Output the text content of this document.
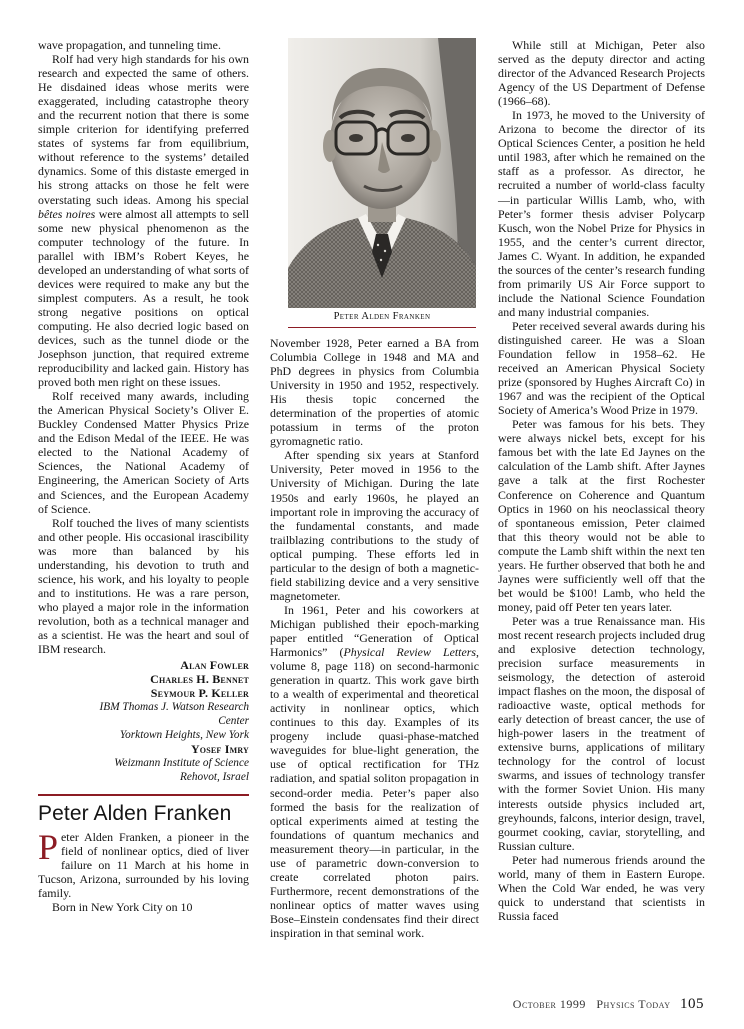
wave propagation, and tunneling time.

Rolf had very high standards for his own research and expected the same of others. He disdained ideas whose merits were exaggerated, including catastrophe theory and the recurrent notion that there is some simple criterion for identifying preferred states of systems far from equilibrium, without reference to the systems’ detailed dynamics. Some of this distaste emerged in his strong attacks on those he felt were overstating such ideas. Among his special bêtes noires were almost all attempts to sell some new physical phenomenon as the computer technology of the future. In parallel with IBM’s Robert Keyes, he developed an understanding of what sorts of devices were required to make any but the simplest computers. As a result, he took strong negative positions on optical computing. He also decried logic based on devices, such as the tunnel diode or the Josephson junction, that required extreme reproducibility and lacked gain. History has proved both men right on these issues.

Rolf received many awards, including the American Physical Society’s Oliver E. Buckley Condensed Matter Physics Prize and the Edison Medal of the IEEE. He was elected to the National Academy of Sciences, the National Academy of Engineering, the American Society of Arts and Sciences, and the European Academy of Science.

Rolf touched the lives of many scientists and other people. His occasional irascibility was more than balanced by his understanding, his devotion to truth and science, his work, and his loyalty to people and to institutions. He was a rare person, who played a major role in the information revolution, both as a technical manager and as a scientist. He was the heart and soul of IBM research.

Alan Fowler
Charles H. Bennet
Seymour P. Keller
IBM Thomas J. Watson Research
Center
Yorktown Heights, New York
Yosef Imry
Weizmann Institute of Science
Rehovot, Israel
Peter Alden Franken

Peter Alden Franken, a pioneer in the field of nonlinear optics, died of liver failure on 11 March at his home in Tucson, Arizona, surrounded by his loving family.

Born in New York City on 10

Peter Alden Franken

November 1928, Peter earned a BA from Columbia College in 1948 and MA and PhD degrees in physics from Columbia University in 1950 and 1952, respectively. His thesis topic concerned the determination of the properties of atomic potassium in terms of the proton gyromagnetic ratio.

After spending six years at Stanford University, Peter moved in 1956 to the University of Michigan. During the late 1950s and early 1960s, he played an important role in improving the accuracy of the fundamental constants, and made trailblazing contributions to the study of optical pumping. These efforts led in particular to the design of both a magnetic-field stabilizing device and a very sensitive magnetometer.

In 1961, Peter and his coworkers at Michigan published their epoch-marking paper entitled “Generation of Optical Harmonics” (Physical Review Letters, volume 8, page 118) on second-harmonic generation in quartz. This work gave birth to a wealth of experimental and theoretical activity in nonlinear optics, which continues to this day. Examples of its progeny include quasi-phase-matched waveguides for blue-light generation, the use of optical rectification for THz radiation, and spatial soliton propagation in second-order media. Peter’s paper also formed the basis for the realization of optical experiments aimed at testing the foundations of quantum mechanics and measurement theory—in particular, in the use of parametric down-conversion to create correlated photon pairs. Furthermore, recent demonstrations of the nonlinear optics of matter waves using Bose–Einstein condensates find their direct inspiration in that seminal work.

While still at Michigan, Peter also served as the deputy director and acting director of the Advanced Research Projects Agency of the US Department of Defense (1966–68).

In 1973, he moved to the University of Arizona to become the director of its Optical Sciences Center, a position he held until 1983, after which he remained on the staff as a professor. As director, he recruited a number of world-class faculty—in particular Willis Lamb, who, with Peter’s former thesis adviser Polycarp Kusch, won the Nobel Prize for Physics in 1955, and the center’s current director, James C. Wyant. In addition, he expanded the sources of the center’s research funding from primarily US Air Force support to include the National Science Foundation and many industrial companies.

Peter received several awards during his distinguished career. He was a Sloan Foundation fellow in 1958–62. He received an American Physical Society prize (sponsored by Hughes Aircraft Co) in 1967 and was the recipient of the Optical Society of America’s Wood Prize in 1979.

Peter was famous for his bets. They were always nickel bets, except for his famous bet with the late Ed Jaynes on the calculation of the Lamb shift. After Jaynes gave a talk at the first Rochester Conference on Coherence and Quantum Optics in 1960 on his neoclassical theory of spontaneous emission, Peter claimed that this theory would not be able to compute the Lamb shift within the next ten years. He further observed that both he and Jaynes were sufficiently well off that the bet would be $100! Lamb, who held the money, paid off Peter ten years later.

Peter was a true Renaissance man. His most recent research projects included drug and explosive detection technology, precision surface measurements in seismology, the detection of asteroid impact flashes on the moon, the disposal of radioactive waste, optical methods for early detection of breast cancer, the use of high-power lasers in the treatment of extensive burns, applications of military technology for the control of locust swarms, and issues of technology transfer with the former Soviet Union. His many interests outside physics included art, greyhounds, falcons, interior design, travel, gourmet cooking, caviar, storytelling, and Russian culture.

Peter had numerous friends around the world, many of them in Eastern Europe. When the Cold War ended, he was very quick to understand that scientists in Russia faced

October 1999 Physics Today 105
